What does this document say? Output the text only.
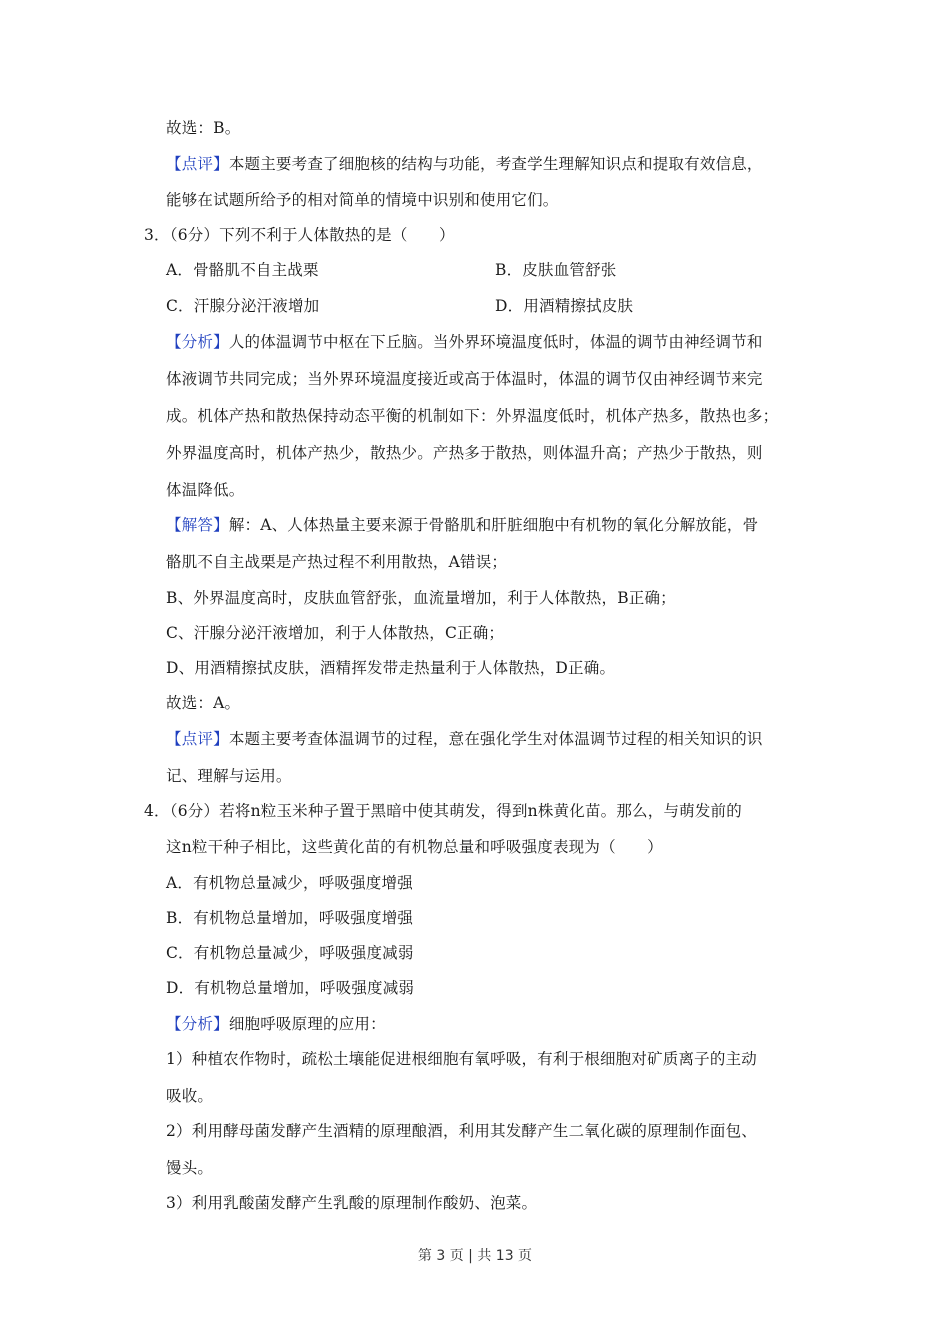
故选：B。
【点评】本题主要考查了细胞核的结构与功能，考查学生理解知识点和提取有效信息，
能够在试题所给予的相对简单的情境中识别和使用它们。
3．（6分）下列不利于人体散热的是（　　）
A．骨骼肌不自主战栗	B．皮肤血管舒张
C．汗腺分泌汗液增加	D．用酒精擦拭皮肤
【分析】人的体温调节中枢在下丘脑。当外界环境温度低时，体温的调节由神经调节和
体液调节共同完成；当外界环境温度接近或高于体温时，体温的调节仅由神经调节来完
成。机体产热和散热保持动态平衡的机制如下：外界温度低时，机体产热多，散热也多；
外界温度高时，机体产热少，散热少。产热多于散热，则体温升高；产热少于散热，则
体温降低。
【解答】解：A、人体热量主要来源于骨骼肌和肝脏细胞中有机物的氧化分解放能，骨
骼肌不自主战栗是产热过程不利用散热，A错误；
B、外界温度高时，皮肤血管舒张，血流量增加，利于人体散热，B正确；
C、汗腺分泌汗液增加，利于人体散热，C正确；
D、用酒精擦拭皮肤，酒精挥发带走热量利于人体散热，D正确。
故选：A。
【点评】本题主要考查体温调节的过程，意在强化学生对体温调节过程的相关知识的识
记、理解与运用。
4．（6分）若将n粒玉米种子置于黑暗中使其萌发，得到n株黄化苗。那么，与萌发前的
这n粒干种子相比，这些黄化苗的有机物总量和呼吸强度表现为（　　）
A．有机物总量减少，呼吸强度增强
B．有机物总量增加，呼吸强度增强
C．有机物总量减少，呼吸强度减弱
D．有机物总量增加，呼吸强度减弱
【分析】细胞呼吸原理的应用：
1）种植农作物时，疏松土壤能促进根细胞有氧呼吸，有利于根细胞对矿质离子的主动
吸收。
2）利用酵母菌发酵产生酒精的原理酿酒，利用其发酵产生二氧化碳的原理制作面包、
馒头。
3）利用乳酸菌发酵产生乳酸的原理制作酸奶、泡菜。
第 3 页 | 共 13 页
